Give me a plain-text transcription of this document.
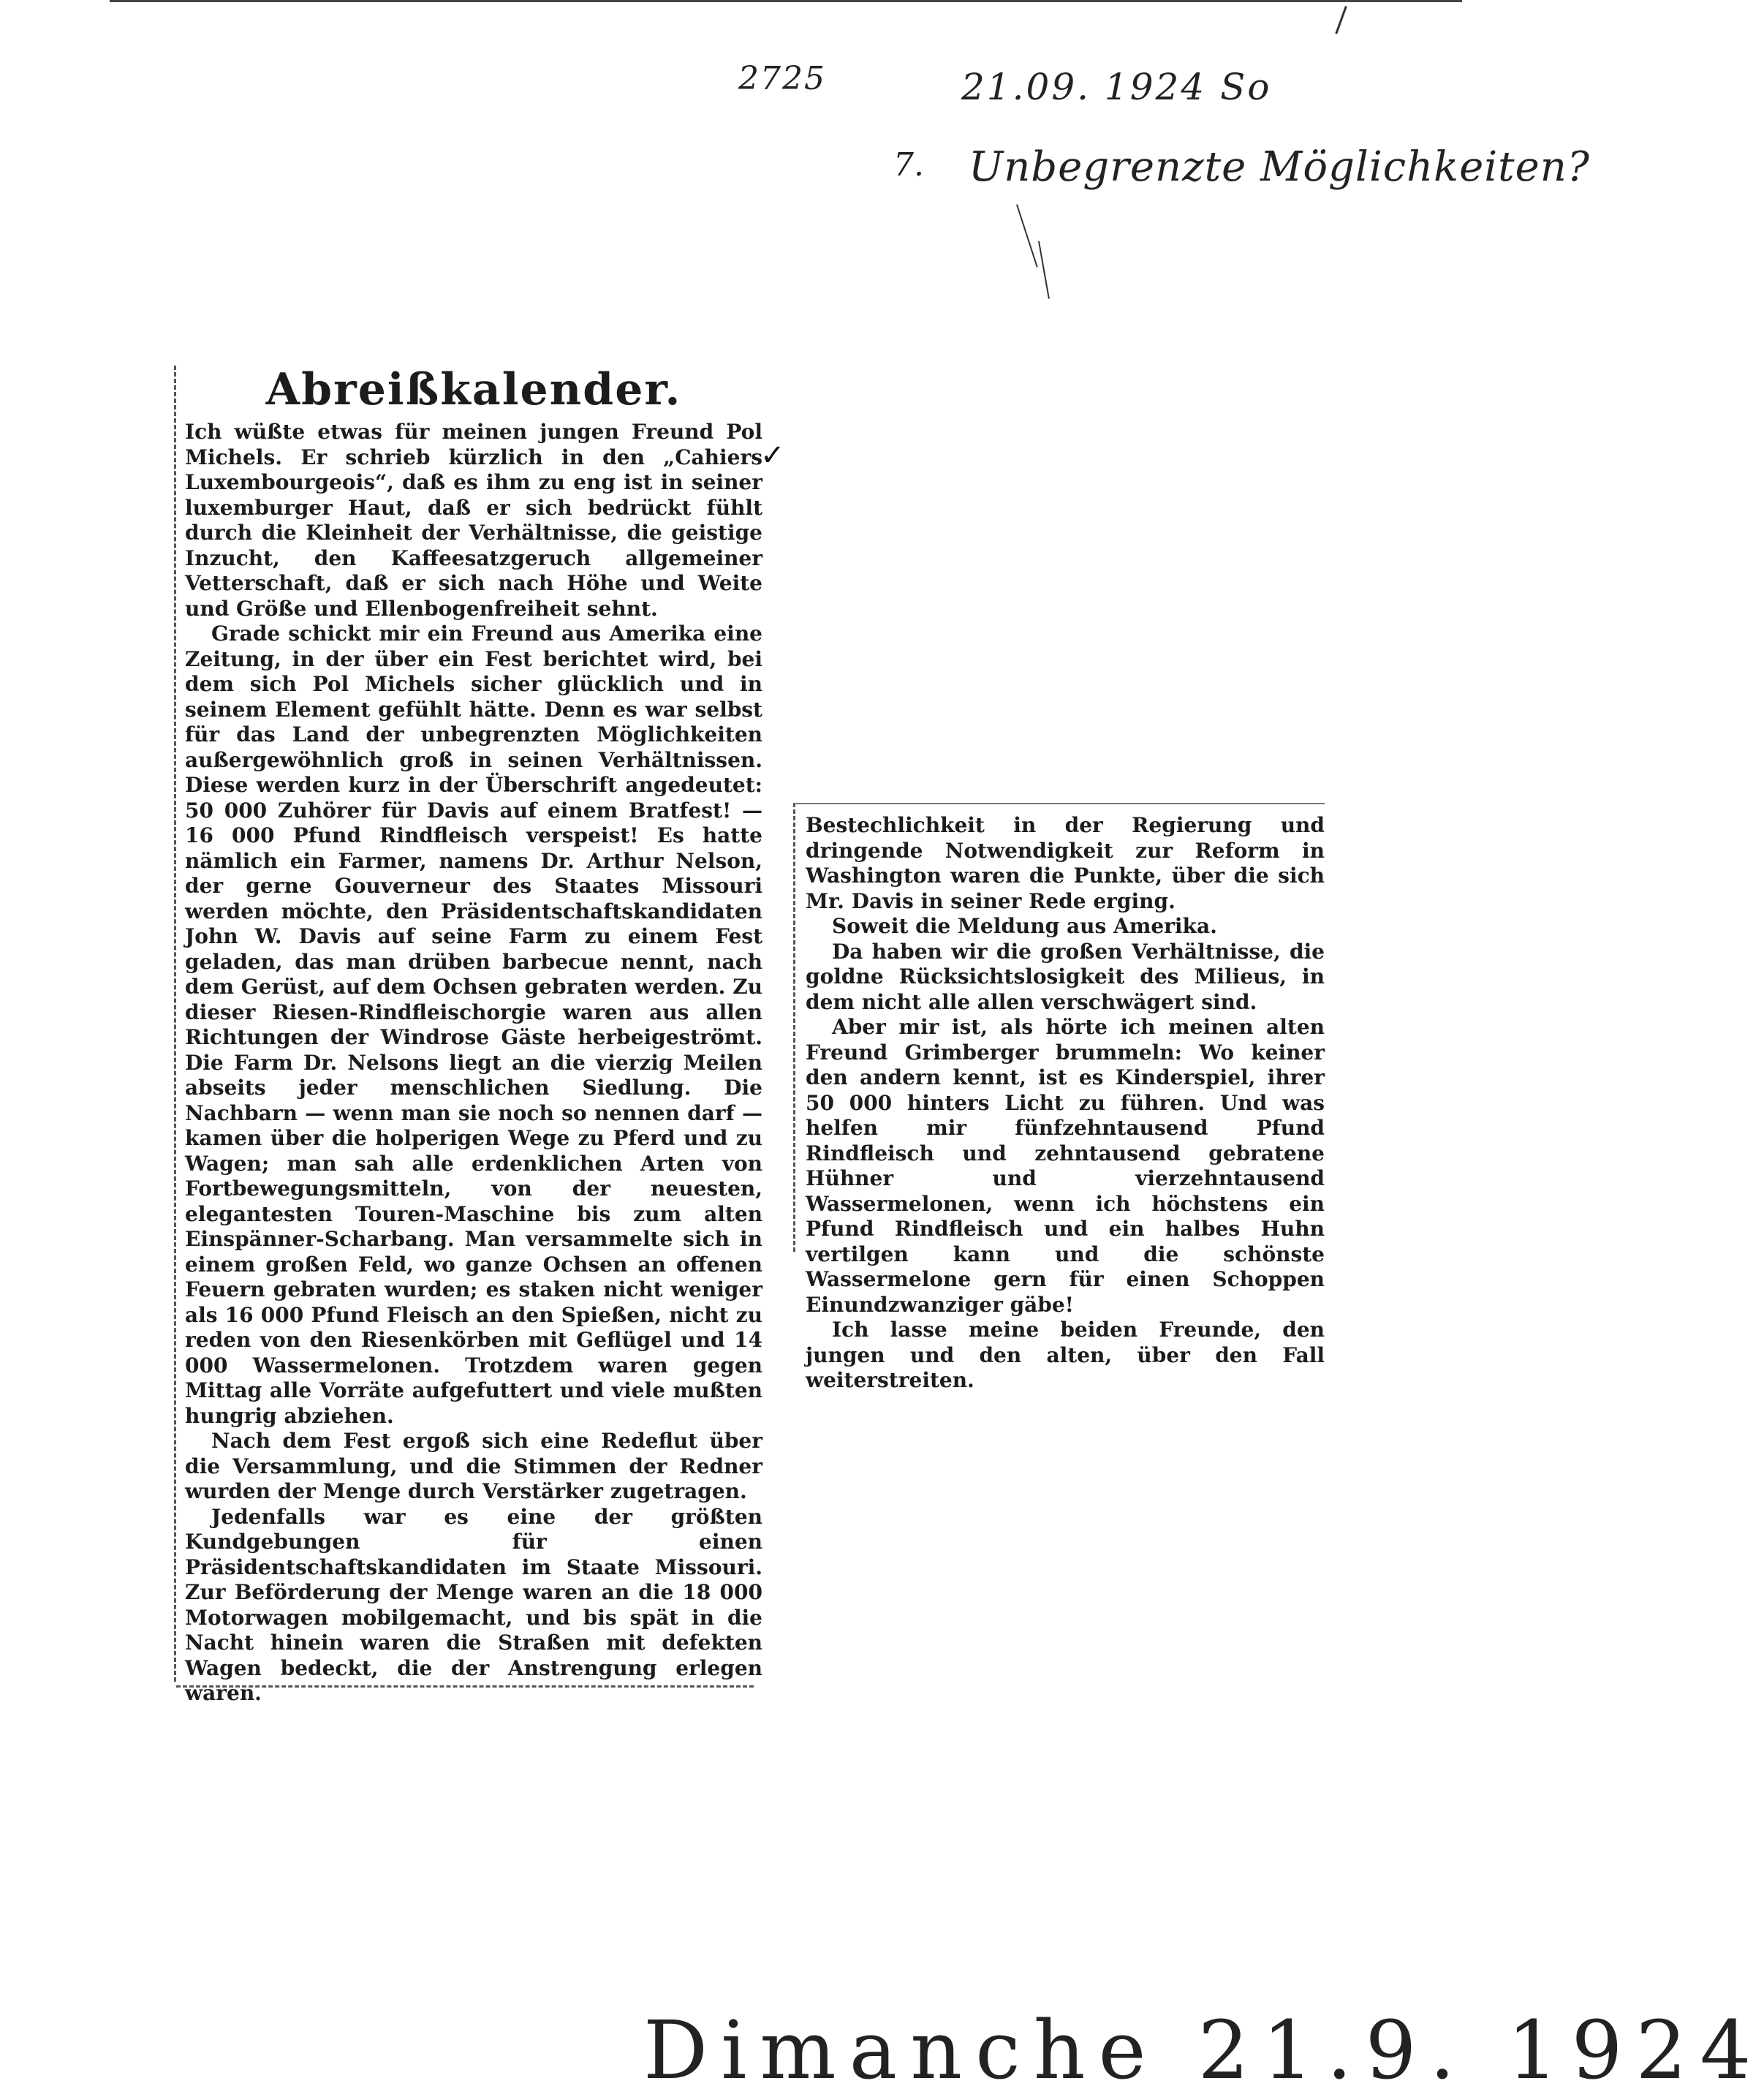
2725	21.09. 1924 So
7. Unbegrenzte Möglichkeiten?
Abreißkalender.

Ich wüßte etwas für meinen jungen Freund Pol Michels. Er schrieb kürzlich in den „Cahiers Luxembourgeois“, daß es ihm zu eng ist in seiner luxemburger Haut, daß er sich bedrückt fühlt durch die Kleinheit der Verhältnisse, die geistige Inzucht, den Kaffeesatzgeruch allgemeiner Vetterschaft, daß er sich nach Höhe und Weite und Größe und Ellenbogenfreiheit sehnt.

Grade schickt mir ein Freund aus Amerika eine Zeitung, in der über ein Fest berichtet wird, bei dem sich Pol Michels sicher glücklich und in seinem Element gefühlt hätte. Denn es war selbst für das Land der unbegrenzten Möglichkeiten außergewöhnlich groß in seinen Verhältnissen. Diese werden kurz in der Überschrift angedeutet: 50 000 Zuhörer für Davis auf einem Bratfest! — 16 000 Pfund Rindfleisch verspeist! Es hatte nämlich ein Farmer, namens Dr. Arthur Nelson, der gerne Gouverneur des Staates Missouri werden möchte, den Präsidentschaftskandidaten John W. Davis auf seine Farm zu einem Fest geladen, das man drüben barbecue nennt, nach dem Gerüst, auf dem Ochsen gebraten werden. Zu dieser Riesen-Rindfleischorgie waren aus allen Richtungen der Windrose Gäste herbeigeströmt. Die Farm Dr. Nelsons liegt an die vierzig Meilen abseits jeder menschlichen Siedlung. Die Nachbarn — wenn man sie noch so nennen darf — kamen über die holperigen Wege zu Pferd und zu Wagen; man sah alle erdenklichen Arten von Fortbewegungsmitteln, von der neuesten, elegantesten Touren-Maschine bis zum alten Einspänner-Scharbang. Man versammelte sich in einem großen Feld, wo ganze Ochsen an offenen Feuern gebraten wurden; es staken nicht weniger als 16 000 Pfund Fleisch an den Spießen, nicht zu reden von den Riesenkörben mit Geflügel und 14 000 Wassermelonen. Trotzdem waren gegen Mittag alle Vorräte aufgefuttert und viele mußten hungrig abziehen.

Nach dem Fest ergoß sich eine Redeflut über die Versammlung, und die Stimmen der Redner wurden der Menge durch Verstärker zugetragen.

Jedenfalls war es eine der größten Kundgebungen für einen Präsidentschaftskandidaten im Staate Missouri. Zur Beförderung der Menge waren an die 18 000 Motorwagen mobilgemacht, und bis spät in die Nacht hinein waren die Straßen mit defekten Wagen bedeckt, die der Anstrengung erlegen waren.

✓

Bestechlichkeit in der Regierung und dringende Notwendigkeit zur Reform in Washington waren die Punkte, über die sich Mr. Davis in seiner Rede erging.

Soweit die Meldung aus Amerika.

Da haben wir die großen Verhältnisse, die goldne Rücksichtslosigkeit des Milieus, in dem nicht alle allen verschwägert sind.

Aber mir ist, als hörte ich meinen alten Freund Grimberger brummeln: Wo keiner den andern kennt, ist es Kinderspiel, ihrer 50 000 hinters Licht zu führen. Und was helfen mir fünfzehntausend Pfund Rindfleisch und zehntausend gebratene Hühner und vierzehntausend Wassermelonen, wenn ich höchstens ein Pfund Rindfleisch und ein halbes Huhn vertilgen kann und die schönste Wassermelone gern für einen Schoppen Einundzwanziger gäbe!

Ich lasse meine beiden Freunde, den jungen und den alten, über den Fall weiterstreiten.

Dimanche 21.9. 1924
